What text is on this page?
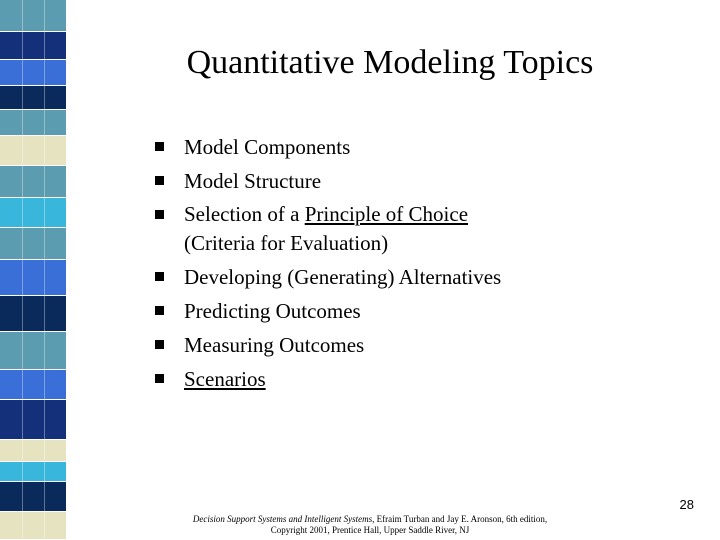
Quantitative Modeling Topics
Model Components
Model Structure
Selection of a Principle of Choice
(Criteria for Evaluation)
Developing (Generating) Alternatives
Predicting Outcomes
Measuring Outcomes
Scenarios
28
Decision Support Systems and Intelligent Systems, Efraim Turban and Jay E. Aronson, 6th edition,
Copyright 2001, Prentice Hall, Upper Saddle River, NJ
